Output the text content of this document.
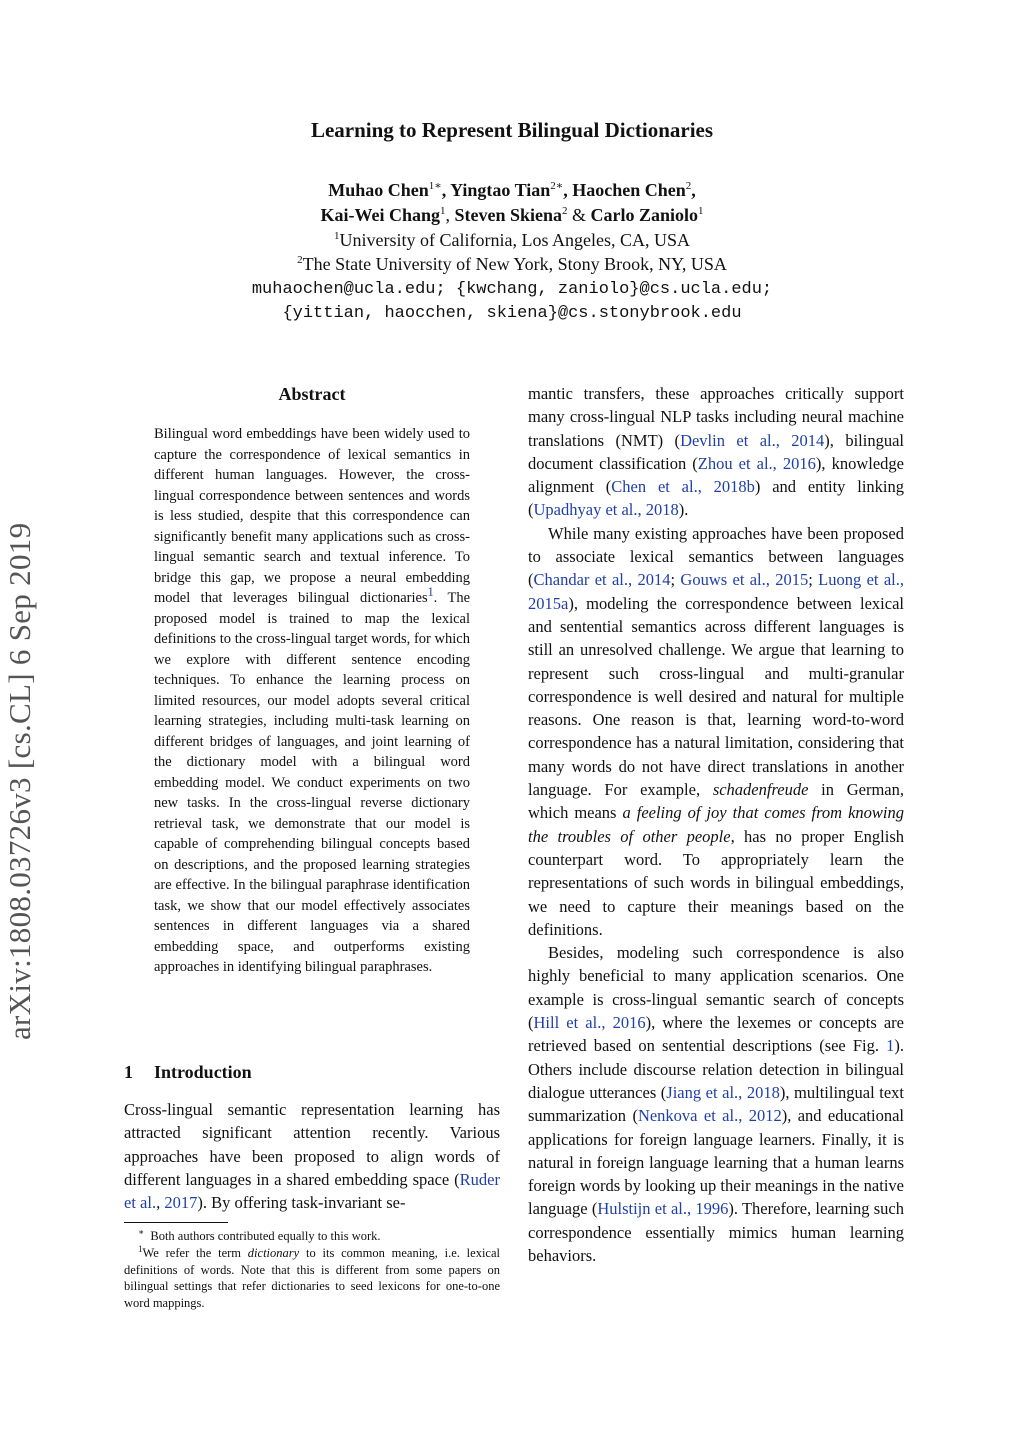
Learning to Represent Bilingual Dictionaries
Muhao Chen$^{1∗}$, Yingtao Tian$^{2∗}$, Haochen Chen$^2$,
Kai-Wei Chang$^1$, Steven Skiena$^2$ & Carlo Zaniolo$^1$
$^1$University of California, Los Angeles, CA, USA
$^2$The State University of New York, Stony Brook, NY, USA
muhaochen@ucla.edu; {kwchang, zaniolo}@cs.ucla.edu;
{yittian, haocchen, skiena}@cs.stonybrook.edu
arXiv:1808.03726v3 [cs.CL] 6 Sep 2019
Abstract
Bilingual word embeddings have been widely used to capture the correspondence of lexical semantics in different human languages. However, the cross-lingual correspondence between sentences and words is less studied, despite that this correspondence can significantly benefit many applications such as cross-lingual semantic search and textual inference. To bridge this gap, we propose a neural embedding model that leverages bilingual dictionaries$^1$. The proposed model is trained to map the lexical definitions to the cross-lingual target words, for which we explore with different sentence encoding techniques. To enhance the learning process on limited resources, our model adopts several critical learning strategies, including multi-task learning on different bridges of languages, and joint learning of the dictionary model with a bilingual word embedding model. We conduct experiments on two new tasks. In the cross-lingual reverse dictionary retrieval task, we demonstrate that our model is capable of comprehending bilingual concepts based on descriptions, and the proposed learning strategies are effective. In the bilingual paraphrase identification task, we show that our model effectively associates sentences in different languages via a shared embedding space, and outperforms existing approaches in identifying bilingual paraphrases.
1 Introduction
Cross-lingual semantic representation learning has attracted significant attention recently. Various approaches have been proposed to align words of different languages in a shared embedding space (Ruder et al., 2017). By offering task-invariant se-
∗ Both authors contributed equally to this work.
$^1$We refer the term dictionary to its common meaning, i.e. lexical definitions of words. Note that this is different from some papers on bilingual settings that refer dictionaries to seed lexicons for one-to-one word mappings.

mantic transfers, these approaches critically support many cross-lingual NLP tasks including neural machine translations (NMT) (Devlin et al., 2014), bilingual document classification (Zhou et al., 2016), knowledge alignment (Chen et al., 2018b) and entity linking (Upadhyay et al., 2018).

While many existing approaches have been proposed to associate lexical semantics between languages (Chandar et al., 2014; Gouws et al., 2015; Luong et al., 2015a), modeling the correspondence between lexical and sentential semantics across different languages is still an unresolved challenge. We argue that learning to represent such cross-lingual and multi-granular correspondence is well desired and natural for multiple reasons. One reason is that, learning word-to-word correspondence has a natural limitation, considering that many words do not have direct translations in another language. For example, schadenfreude in German, which means a feeling of joy that comes from knowing the troubles of other people, has no proper English counterpart word. To appropriately learn the representations of such words in bilingual embeddings, we need to capture their meanings based on the definitions.

Besides, modeling such correspondence is also highly beneficial to many application scenarios. One example is cross-lingual semantic search of concepts (Hill et al., 2016), where the lexemes or concepts are retrieved based on sentential descriptions (see Fig. 1). Others include discourse relation detection in bilingual dialogue utterances (Jiang et al., 2018), multilingual text summarization (Nenkova et al., 2012), and educational applications for foreign language learners. Finally, it is natural in foreign language learning that a human learns foreign words by looking up their meanings in the native language (Hulstijn et al., 1996). Therefore, learning such correspondence essentially mimics human learning behaviors.
